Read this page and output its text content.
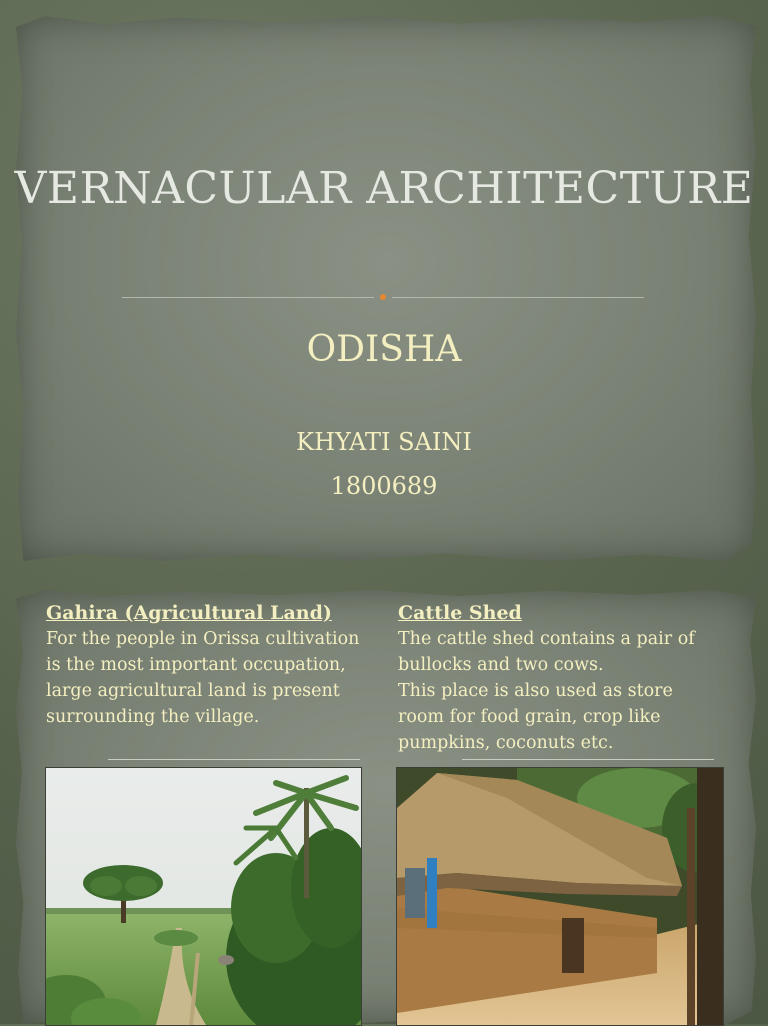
VERNACULAR ARCHITECTURE
ODISHA
KHYATI SAINI
1800689
Gahira (Agricultural Land)

For the people in Orissa cultivation is the most important occupation, large agricultural land is present surrounding the village.

Cattle Shed

The cattle shed contains a pair of bullocks and two cows.

This place is also used as store room for food grain, crop like pumpkins, coconuts etc.
